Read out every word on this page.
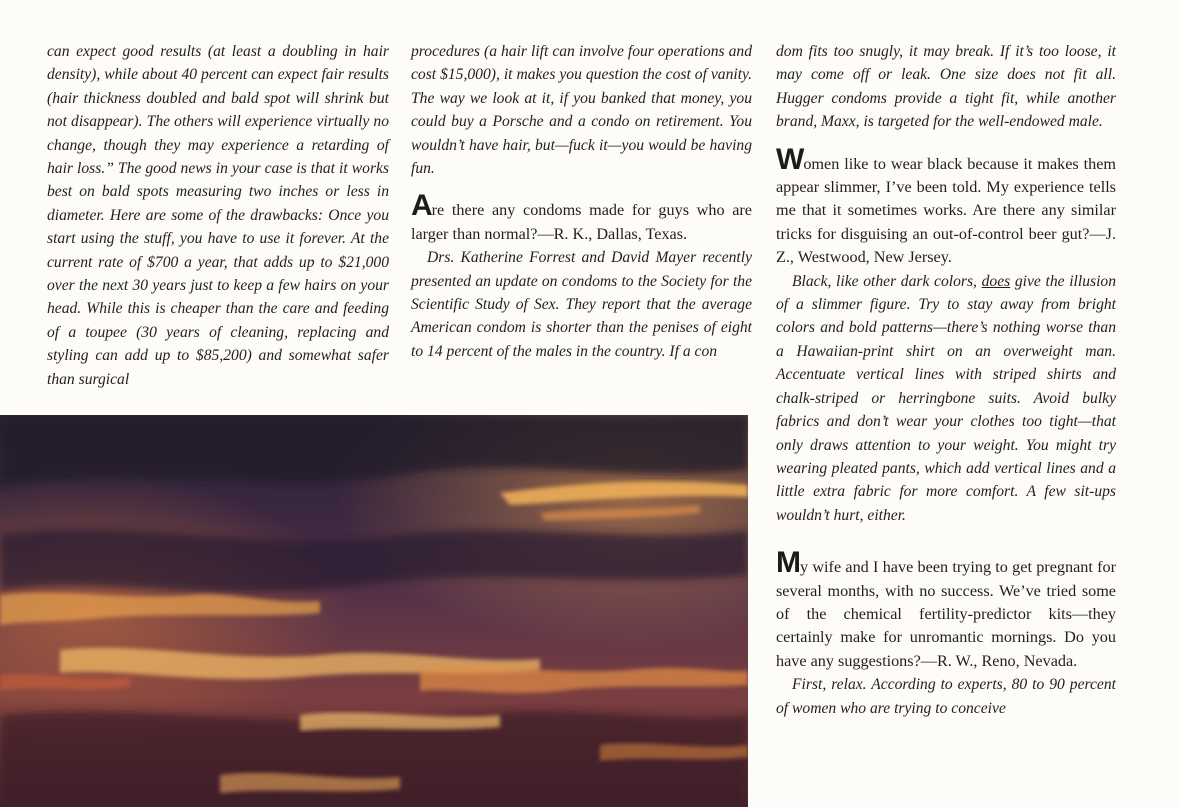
can expect good results (at least a doubling in hair density), while about 40 percent can expect fair results (hair thickness doubled and bald spot will shrink but not disappear). The others will experience virtually no change, though they may experience a retarding of hair loss.” The good news in your case is that it works best on bald spots measuring two inches or less in diameter. Here are some of the drawbacks: Once you start using the stuff, you have to use it forever. At the current rate of $700 a year, that adds up to $21,000 over the next 30 years just to keep a few hairs on your head. While this is cheaper than the care and feeding of a toupee (30 years of cleaning, replacing and styling can add up to $85,200) and somewhat safer than surgical

procedures (a hair lift can involve four operations and cost $15,000), it makes you question the cost of vanity. The way we look at it, if you banked that money, you could buy a Porsche and a condo on retirement. You wouldn’t have hair, but—fuck it—you would be having fun.

Are there any condoms made for guys who are larger than normal?—R. K., Dallas, Texas.

Drs. Katherine Forrest and David Mayer recently presented an update on condoms to the Society for the Scientific Study of Sex. They report that the average American condom is shorter than the penises of eight to 14 percent of the males in the country. If a con

dom fits too snugly, it may break. If it’s too loose, it may come off or leak. One size does not fit all. Hugger condoms provide a tight fit, while another brand, Maxx, is targeted for the well-endowed male.

Women like to wear black because it makes them appear slimmer, I’ve been told. My experience tells me that it sometimes works. Are there any similar tricks for disguising an out-of-control beer gut?—J. Z., Westwood, New Jersey.

Black, like other dark colors, does give the illusion of a slimmer figure. Try to stay away from bright colors and bold patterns—there’s nothing worse than a Hawaiian-print shirt on an overweight man. Accentuate vertical lines with striped shirts and chalk-striped or herringbone suits. Avoid bulky fabrics and don’t wear your clothes too tight—that only draws attention to your weight. You might try wearing pleated pants, which add vertical lines and a little extra fabric for more comfort. A few sit-ups wouldn’t hurt, either.

My wife and I have been trying to get pregnant for several months, with no success. We’ve tried some of the chemical fertility-predictor kits—they certainly make for unromantic mornings. Do you have any suggestions?—R. W., Reno, Nevada.

First, relax. According to experts, 80 to 90 percent of women who are trying to conceive
